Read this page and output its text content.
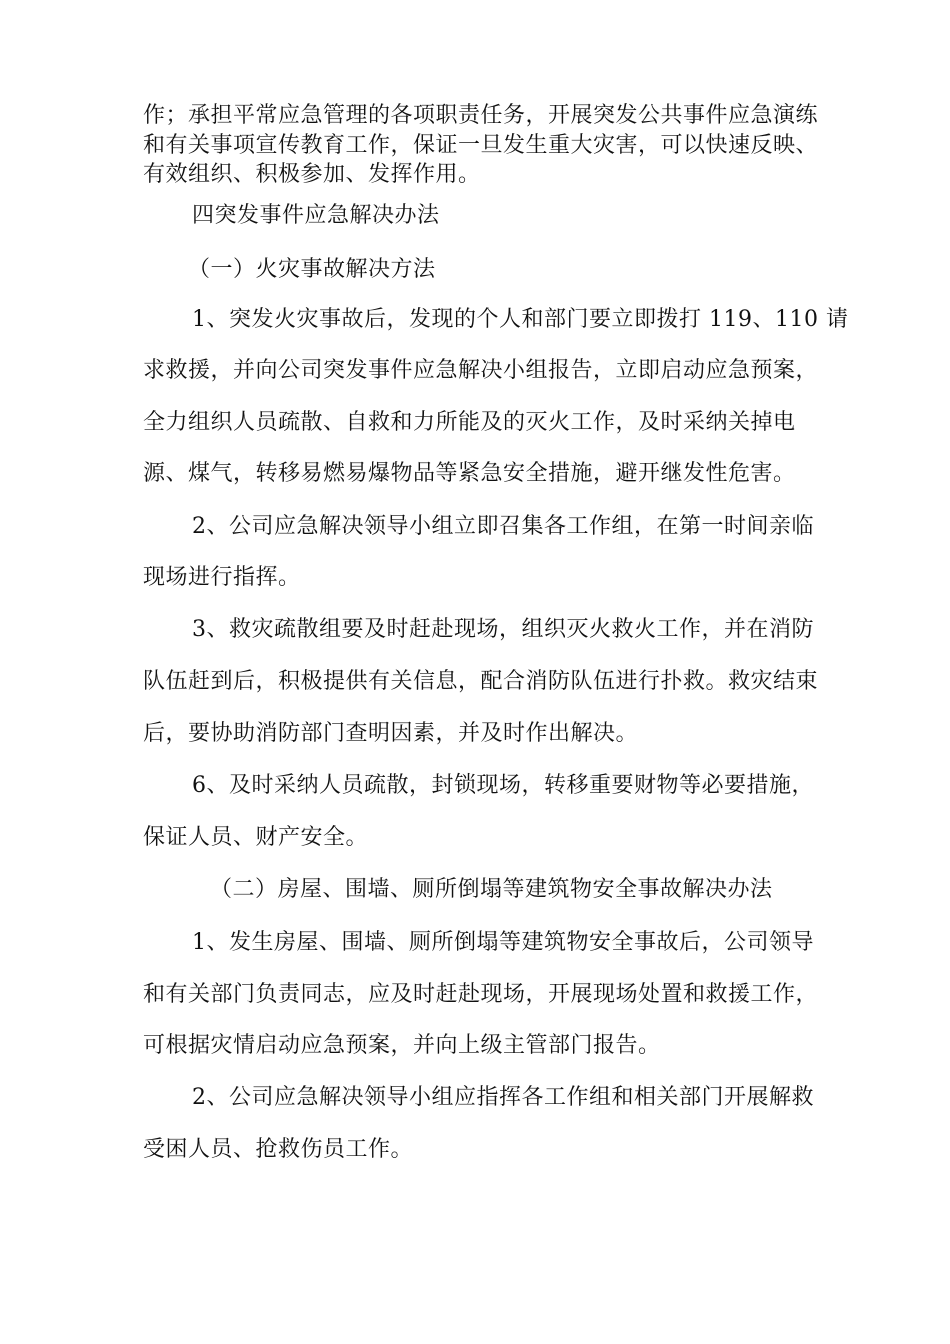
作；承担平常应急管理的各项职责任务，开展突发公共事件应急演练
和有关事项宣传教育工作，保证一旦发生重大灾害，可以快速反映、
有效组织、积极参加、发挥作用。
四突发事件应急解决办法
（一）火灾事故解决方法
1、突发火灾事故后，发现的个人和部门要立即拨打 119、110 请
求救援，并向公司突发事件应急解决小组报告，立即启动应急预案，
全力组织人员疏散、自救和力所能及的灭火工作，及时采纳关掉电
源、煤气，转移易燃易爆物品等紧急安全措施，避开继发性危害。
2、公司应急解决领导小组立即召集各工作组，在第一时间亲临
现场进行指挥。
3、救灾疏散组要及时赶赴现场，组织灭火救火工作，并在消防
队伍赶到后，积极提供有关信息，配合消防队伍进行扑救。救灾结束
后，要协助消防部门查明因素，并及时作出解决。
6、及时采纳人员疏散，封锁现场，转移重要财物等必要措施，
保证人员、财产安全。
（二）房屋、围墙、厕所倒塌等建筑物安全事故解决办法
1、发生房屋、围墙、厕所倒塌等建筑物安全事故后，公司领导
和有关部门负责同志，应及时赶赴现场，开展现场处置和救援工作，
可根据灾情启动应急预案，并向上级主管部门报告。
2、公司应急解决领导小组应指挥各工作组和相关部门开展解救
受困人员、抢救伤员工作。
